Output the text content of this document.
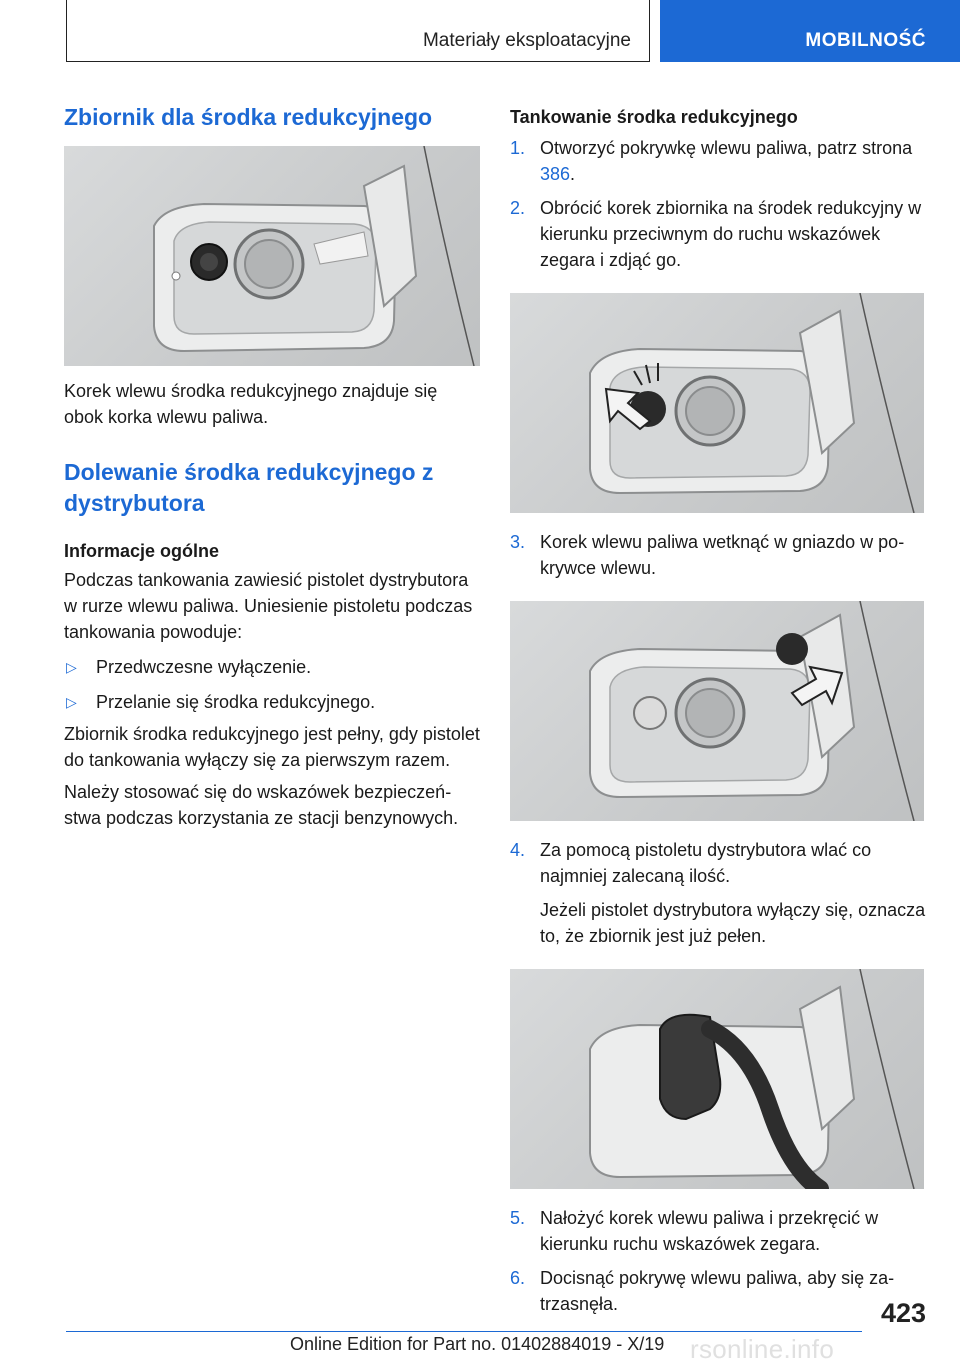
Materiały eksploatacyjne	MOBILNOŚĆ
Zbiornik dla środka redukcyjnego

Korek wlewu środka redukcyjnego znajduje się obok korka wlewu paliwa.

Dolewanie środka redukcyjnego z dystrybutora
Informacje ogólne

Podczas tankowania zawiesić pistolet dystrybutora w rurze wlewu paliwa. Uniesienie pistoletu podczas tankowania powoduje:

▷	Przedwczesne wyłączenie.
▷	Przelanie się środka redukcyjnego.

Zbiornik środka redukcyjnego jest pełny, gdy pistolet do tankowania wyłączy się za pierwszym razem.

Należy stosować się do wskazówek bezpieczeństwa podczas korzystania ze stacji benzynowych.

Tankowanie środka redukcyjnego
1. Otworzyć pokrywkę wlewu paliwa, patrz strona 386.
2. Obrócić korek zbiornika na środek redukcyjny w kierunku przeciwnym do ruchu wskazówek zegara i zdjąć go.
3. Korek wlewu paliwa wetknąć w gniazdo w pokrywce wlewu.
4. Za pomocą pistoletu dystrybutora wlać co najmniej zalecaną ilość.
Jeżeli pistolet dystrybutora wyłączy się, oznacza to, że zbiornik jest już pełen.
5. Nałożyć korek wlewu paliwa i przekręcić w kierunku ruchu wskazówek zegara.
6. Docisnąć pokrywę wlewu paliwa, aby się zatrzasnęła.	423
Online Edition for Part no. 01402884019 - X/19 rsonline.info
